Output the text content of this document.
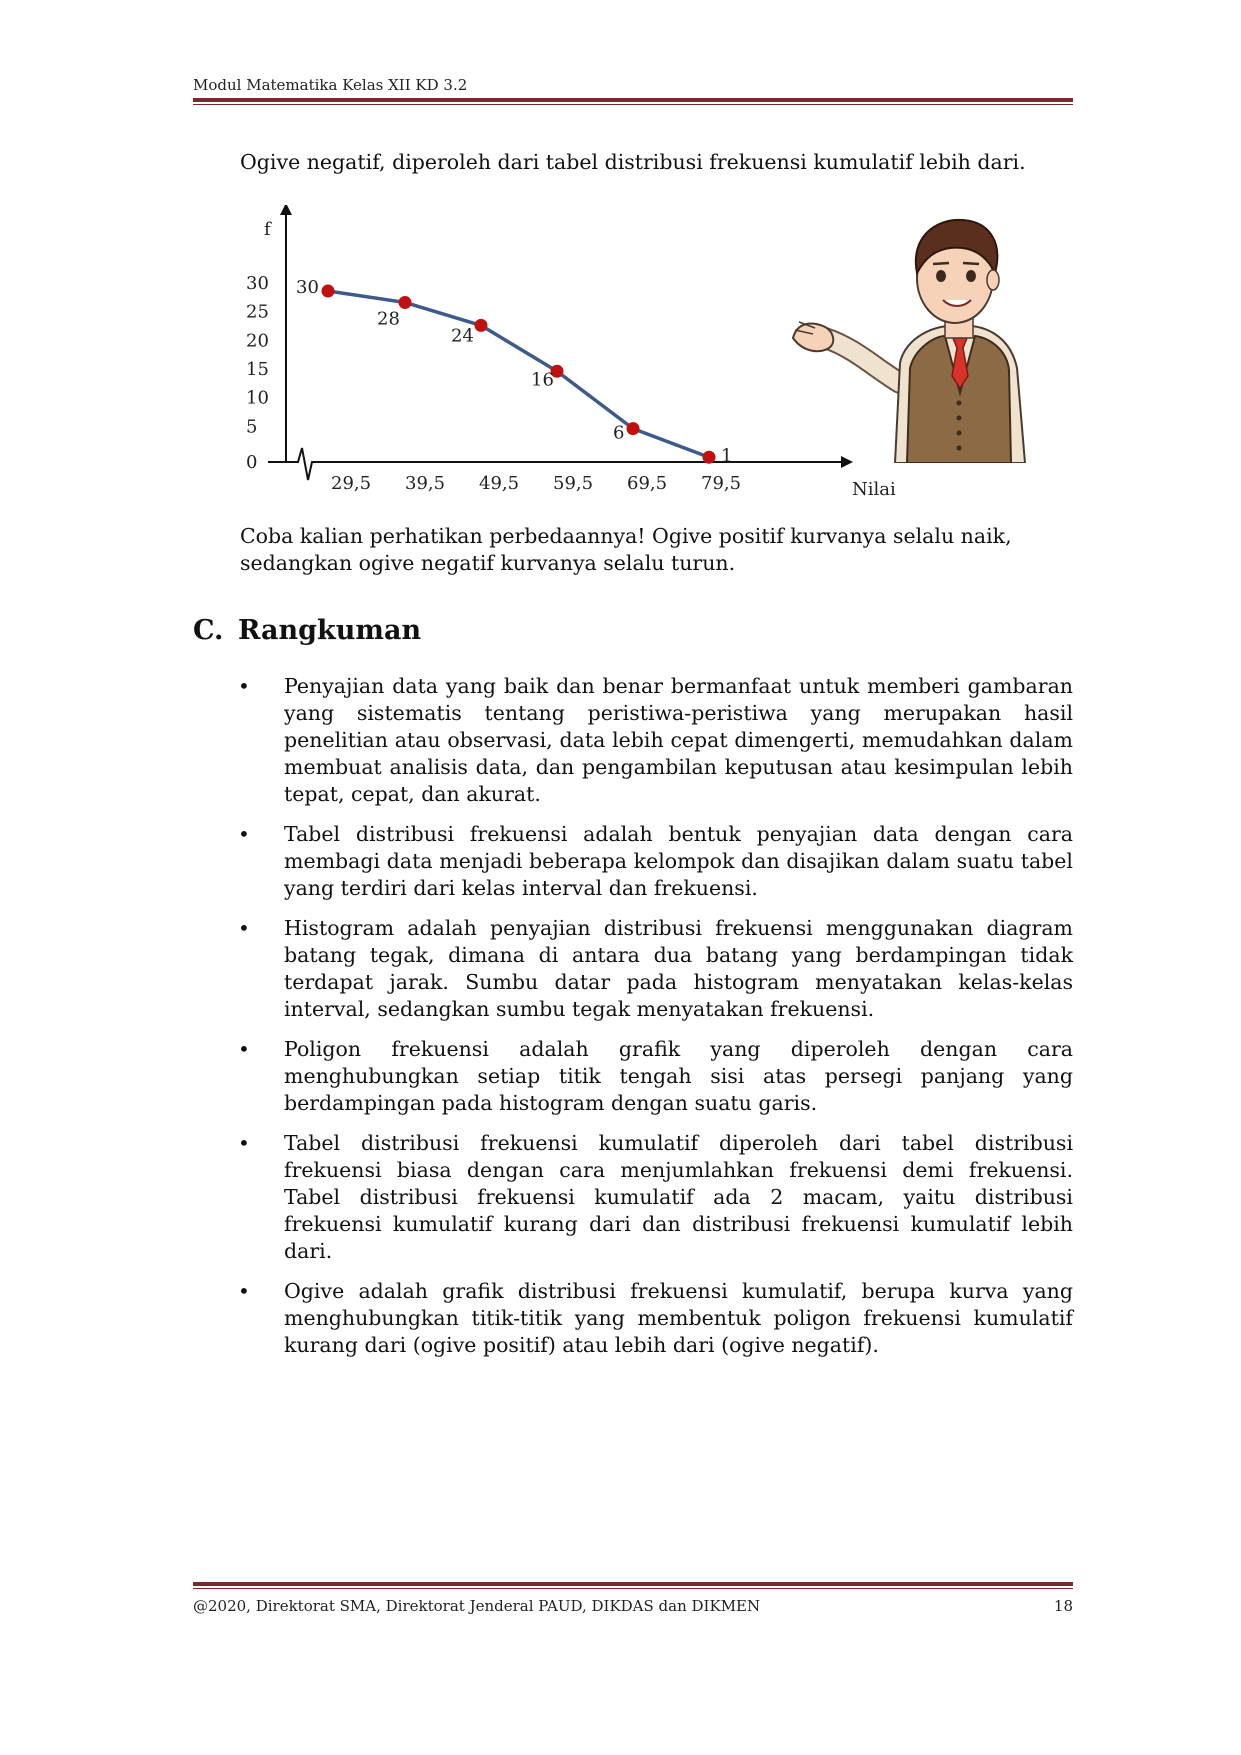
Modul Matematika Kelas XII KD 3.2
Ogive negatif, diperoleh dari tabel distribusi frekuensi kumulatif lebih dari.
0
5
10
15
20
25
30
29,5 39,5 49,5 59,5 69,5 79,5
30
28
24
16
6
1
f
Nilai
Coba kalian perhatikan perbedaannya! Ogive positif kurvanya selalu naik, sedangkan ogive negatif kurvanya selalu turun.
C. Rangkuman
• Penyajian data yang baik dan benar bermanfaat untuk memberi gambaran yang sistematis tentang peristiwa-peristiwa yang merupakan hasil penelitian atau observasi, data lebih cepat dimengerti, memudahkan dalam membuat analisis data, dan pengambilan keputusan atau kesimpulan lebih tepat, cepat, dan akurat.
• Tabel distribusi frekuensi adalah bentuk penyajian data dengan cara membagi data menjadi beberapa kelompok dan disajikan dalam suatu tabel yang terdiri dari kelas interval dan frekuensi.
• Histogram adalah penyajian distribusi frekuensi menggunakan diagram batang tegak, dimana di antara dua batang yang berdampingan tidak terdapat jarak. Sumbu datar pada histogram menyatakan kelas-kelas interval, sedangkan sumbu tegak menyatakan frekuensi.
• Poligon frekuensi adalah grafik yang diperoleh dengan cara menghubungkan setiap titik tengah sisi atas persegi panjang yang berdampingan pada histogram dengan suatu garis.
• Tabel distribusi frekuensi kumulatif diperoleh dari tabel distribusi frekuensi biasa dengan cara menjumlahkan frekuensi demi frekuensi. Tabel distribusi frekuensi kumulatif ada 2 macam, yaitu distribusi frekuensi kumulatif kurang dari dan distribusi frekuensi kumulatif lebih dari.
• Ogive adalah grafik distribusi frekuensi kumulatif, berupa kurva yang menghubungkan titik-titik yang membentuk poligon frekuensi kumulatif kurang dari (ogive positif) atau lebih dari (ogive negatif).
@2020, Direktorat SMA, Direktorat Jenderal PAUD, DIKDAS dan DIKMEN	18
